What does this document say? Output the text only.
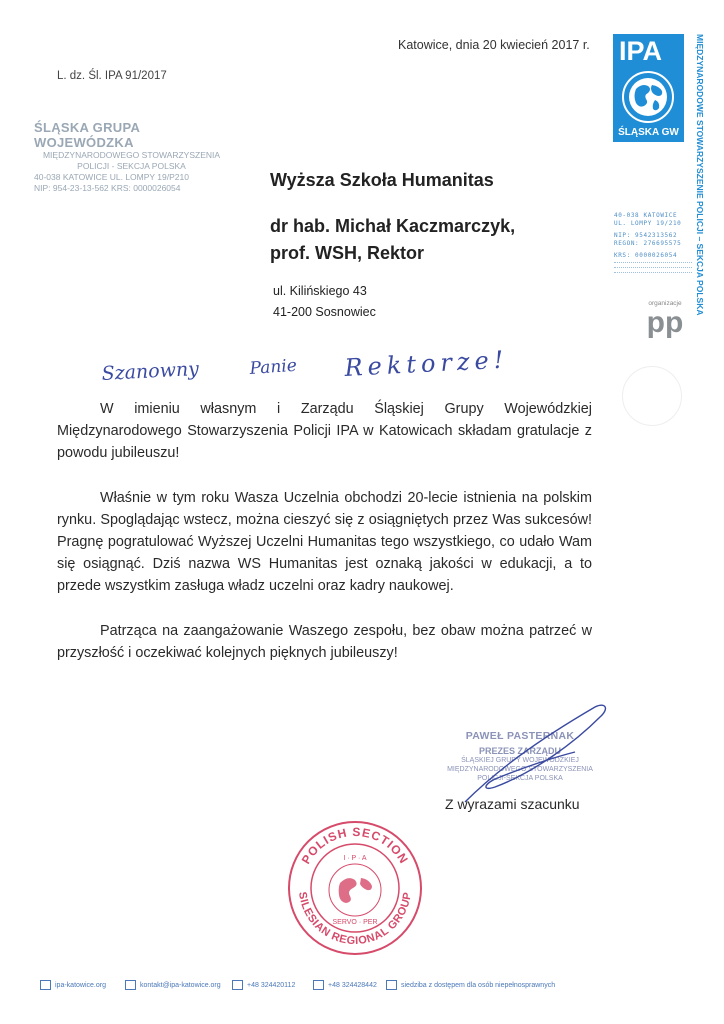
Katowice, dnia 20 kwiecień 2017 r.
L. dz. Śl. IPA 91/2017
ŚLĄSKA GRUPA WOJEWÓDZKA
MIĘDZYNARODOWEGO STOWARZYSZENIA
POLICJI - SEKCJA POLSKA
40-038 KATOWICE UL. LOMPY 19/P210
NIP: 954-23-13-562 KRS: 0000026054
IPA
ŚLĄSKA GW	MIĘDZYNARODOWE STOWARZYSZENIE POLICJI – SEKCJA POLSKA
40-038 KATOWICE
UL. LOMPY 19/210
NIP: 9542313562
REGON: 276695575
KRS: 0000026054
organizacje
pp
Wyższa Szkoła Humanitas
dr hab. Michał Kaczmarczyk,
prof. WSH, Rektor
ul. Kilińskiego 43
41-200 Sosnowiec
Szanowny	Panie Rektorze!

W imieniu własnym i Zarządu Śląskiej Grupy Wojewódzkiej Międzynarodowego Stowarzyszenia Policji IPA w Katowicach składam gratulacje z powodu jubileuszu!

Właśnie w tym roku Wasza Uczelnia obchodzi 20-lecie istnienia na polskim rynku. Spoglądając wstecz, można cieszyć się z osiągniętych przez Was sukcesów! Pragnę pogratulować Wyższej Uczelni Humanitas tego wszystkiego, co udało Wam się osiągnąć. Dziś nazwa WS Humanitas jest oznaką jakości w edukacji, a to przede wszystkim zasługa władz uczelni oraz kadry naukowej.

Patrząca na zaangażowanie Waszego zespołu, bez obaw można patrzeć w przyszłość i oczekiwać kolejnych pięknych jubileuszy!

PAWEŁ PASTERNAK
PREZES ZARZĄDU
ŚLĄSKIEJ GRUPY WOJEWÓDZKIEJ
MIĘDZYNARODOWEGO STOWARZYSZENIA
POLICJI-SEKCJA POLSKA
Z wyrazami szacunku
POLISH SECTION
SILESIAN REGIONAL GROUP
I · P · A
SERVO · PER
ipa-katowice.org	kontakt@ipa-katowice.org	+48 324420112	+48 324428442	siedziba z dostępem dla osób niepełnosprawnych
